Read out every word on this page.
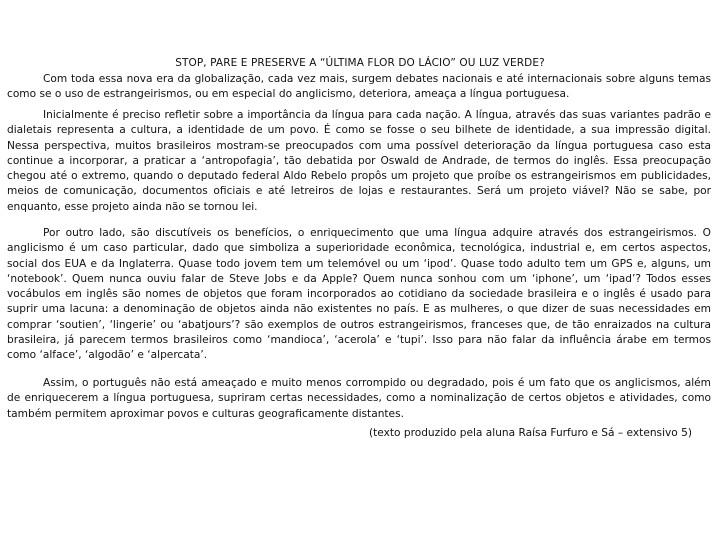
STOP, PARE E PRESERVE A “ÚLTIMA FLOR DO LÁCIO” OU LUZ VERDE?

Com toda essa nova era da globalização, cada vez mais, surgem debates nacionais e até internacionais sobre alguns temas como se o uso de estrangeirismos, ou em especial do anglicismo, deteriora, ameaça a língua portuguesa.

Inicialmente é preciso refletir sobre a importância da língua para cada nação. A língua, através das suas variantes padrão e dialetais representa a cultura, a identidade de um povo. É como se fosse o seu bilhete de identidade, a sua impressão digital. Nessa perspectiva, muitos brasileiros mostram-se preocupados com uma possível deterioração da língua portuguesa caso esta continue a incorporar, a praticar a ‘antropofagia’, tão debatida por Oswald de Andrade, de termos do inglês. Essa preocupação chegou até o extremo, quando o deputado federal Aldo Rebelo propôs um projeto que proíbe os estrangeirismos em publicidades, meios de comunicação, documentos oficiais e até letreiros de lojas e restaurantes. Será um projeto viável? Não se sabe, por enquanto, esse projeto ainda não se tornou lei.

Por outro lado, são discutíveis os benefícios, o enriquecimento que uma língua adquire através dos estrangeirismos. O anglicismo é um caso particular, dado que simboliza a superioridade econômica, tecnológica, industrial e, em certos aspectos, social dos EUA e da Inglaterra. Quase todo jovem tem um telemóvel ou um ‘ipod’. Quase todo adulto tem um GPS e, alguns, um ‘notebook’. Quem nunca ouviu falar de Steve Jobs e da Apple? Quem nunca sonhou com um ‘iphone’, um ‘ipad’? Todos esses vocábulos em inglês são nomes de objetos que foram incorporados ao cotidiano da sociedade brasileira e o inglês é usado para suprir uma lacuna: a denominação de objetos ainda não existentes no país. E as mulheres, o que dizer de suas necessidades em comprar ‘soutien’, ‘lingerie’ ou ‘abatjours’? são exemplos de outros estrangeirismos, franceses que, de tão enraizados na cultura brasileira, já parecem termos brasileiros como ‘mandioca’, ‘acerola’ e ‘tupi’. Isso para não falar da influência árabe em termos como ‘alface’, ‘algodão’ e ‘alpercata’.

Assim, o português não está ameaçado e muito menos corrompido ou degradado, pois é um fato que os anglicismos, além de enriquecerem a língua portuguesa, supriram certas necessidades, como a nominalização de certos objetos e atividades, como também permitem aproximar povos e culturas geograficamente distantes.

(texto produzido pela aluna Raísa Furfuro e Sá – extensivo 5)
